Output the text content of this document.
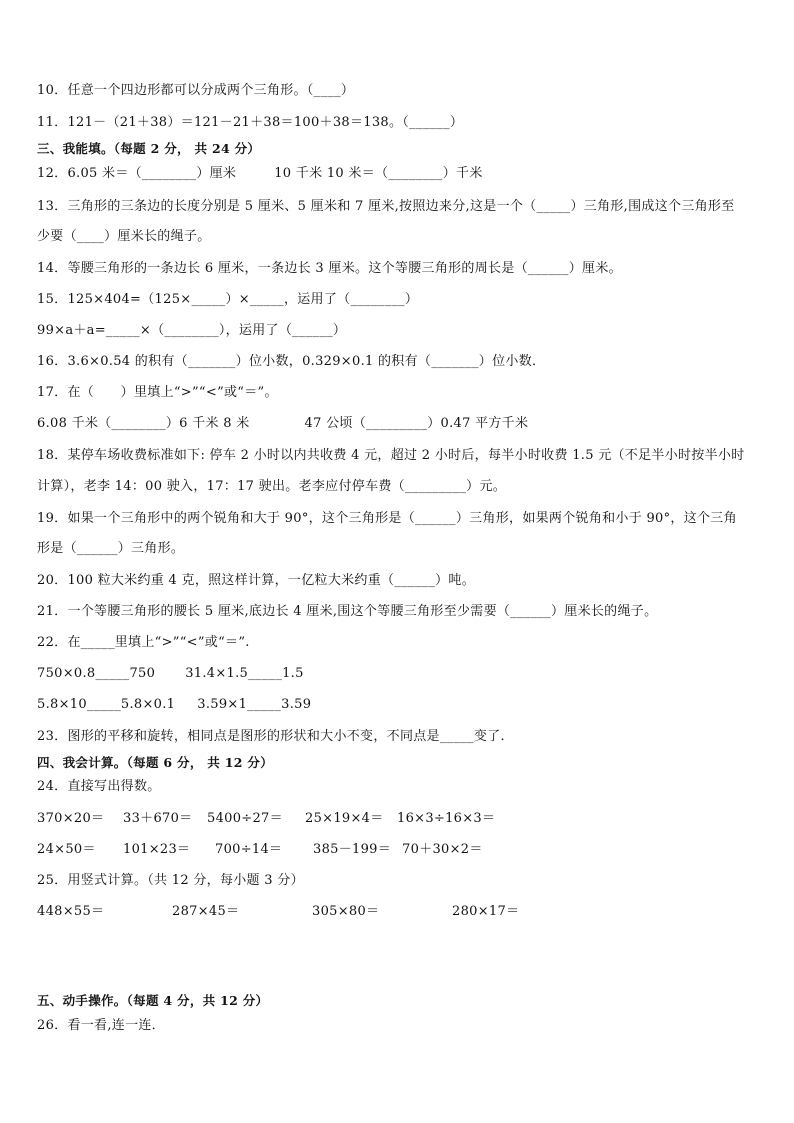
10．任意一个四边形都可以分成两个三角形。（____）
11．121－（21＋38）＝121－21＋38＝100＋38＝138。（______）
三、我能填。（每题 2 分， 共 24 分）
12．6.05 米＝（________）厘米	10 千米 10 米＝（________）千米
13．三角形的三条边的长度分别是 5 厘米、5 厘米和 7 厘米,按照边来分,这是一个（_____）三角形,围成这个三角形至
少要（____）厘米长的绳子。
14．等腰三角形的一条边长 6 厘米，一条边长 3 厘米。这个等腰三角形的周长是（______）厘米。
15．125×404=（125×_____）×_____，运用了（________）
99×a＋a=_____×（________），运用了（______）
16．3.6×0.54 的积有（_______）位小数，0.329×0.1 的积有（_______）位小数．
17．在（　　）里填上“>”“<”或“＝”。
6.08 千米（________）6 千米 8 米	47 公顷（_________）0.47 平方千米
18．某停车场收费标准如下: 停车 2 小时以内共收费 4 元，超过 2 小时后，每半小时收费 1.5 元（不足半小时按半小时
计算），老李 14：00 驶入，17：17 驶出。老李应付停车费（_________）元。
19．如果一个三角形中的两个锐角和大于 90°，这个三角形是（______）三角形，如果两个锐角和小于 90°，这个三角
形是（______）三角形。
20．100 粒大米约重 4 克，照这样计算，一亿粒大米约重（______）吨。
21．一个等腰三角形的腰长 5 厘米,底边长 4 厘米,围这个等腰三角形至少需要（______）厘米长的绳子。
22．在_____里填上“>”“<”或“＝”.
750×0.8_____750 31.4×1.5_____1.5
5.8×10_____5.8×0.1 3.59×1_____3.59
23．图形的平移和旋转，相同点是图形的形状和大小不变，不同点是_____变了．
四、我会计算。（每题 6 分， 共 12 分）
24．直接写出得数。
370×20＝ 33＋670＝ 5400÷27＝ 25×19×4＝ 16×3÷16×3＝
24×50＝ 101×23＝ 700÷14＝ 385－199＝ 70＋30×2＝
25．用竖式计算。（共 12 分，每小题 3 分）
448×55＝	287×45＝	305×80＝	280×17＝
五、动手操作。（每题 4 分，共 12 分）
26．看一看,连一连．
